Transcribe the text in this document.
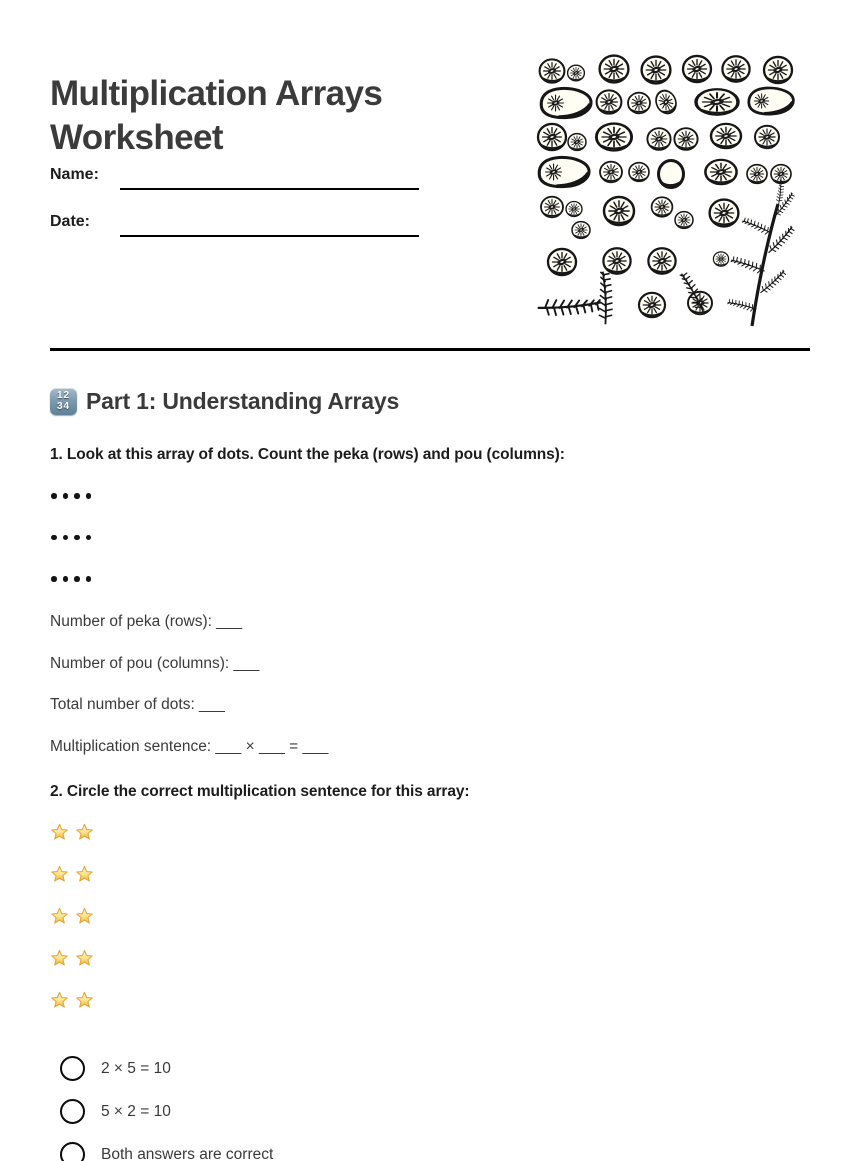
Multiplication Arrays Worksheet
Name:
Date:
12
34 Part 1: Understanding Arrays
1. Look at this array of dots. Count the peka (rows) and pou (columns):
Number of peka (rows): ___
Number of pou (columns): ___
Total number of dots: ___
Multiplication sentence: ___ × ___ = ___
2. Circle the correct multiplication sentence for this array:
2 × 5 = 10
5 × 2 = 10
Both answers are correct
